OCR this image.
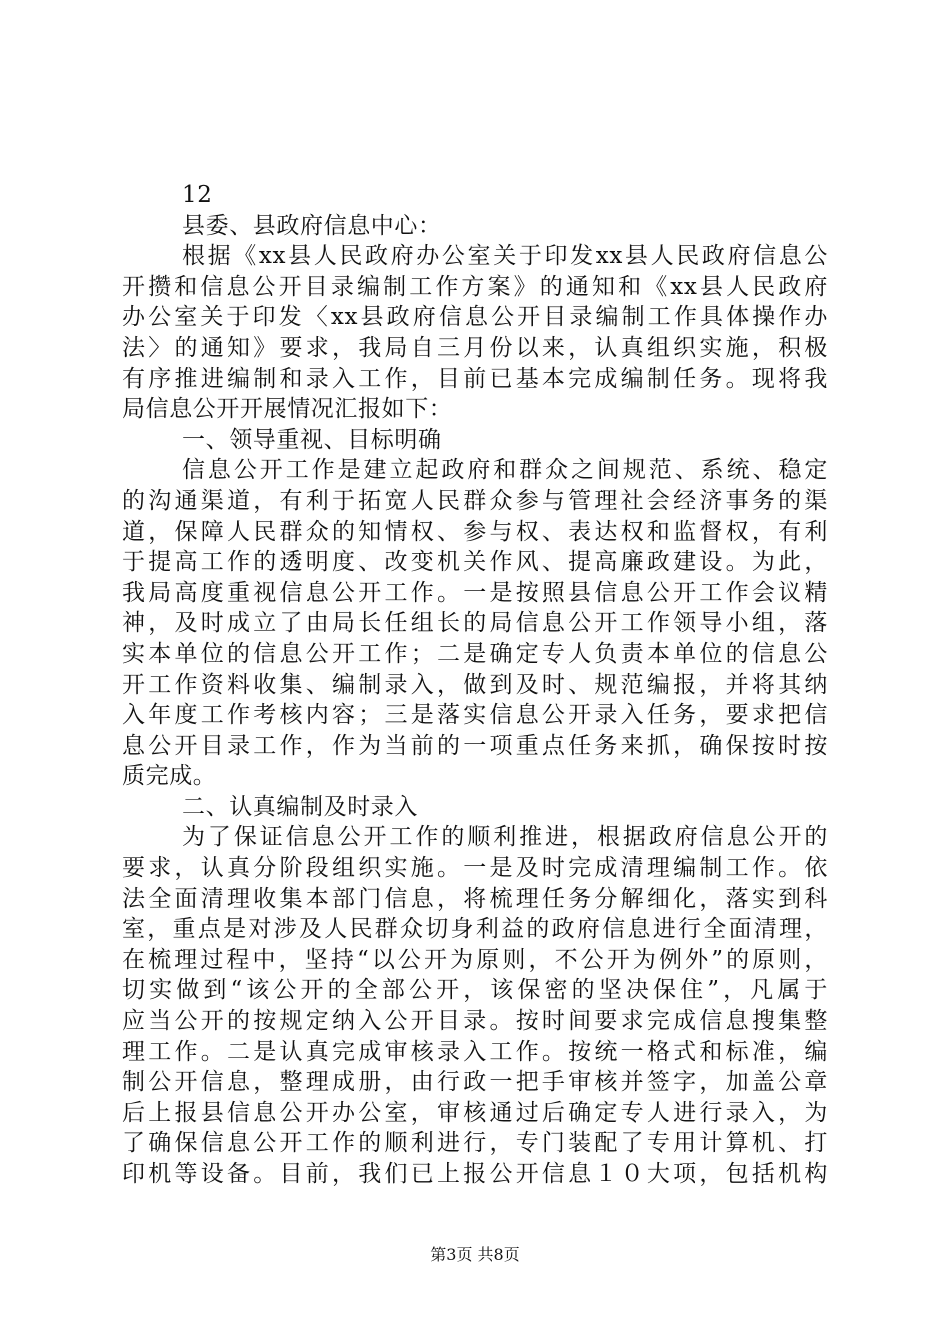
12
县委、县政府信息中心：
根据《xx县人民政府办公室关于印发xx县人民政府信息公
开攒和信息公开目录编制工作方案》的通知和《xx县人民政府
办公室关于印发〈xx县政府信息公开目录编制工作具体操作办
法〉的通知》要求，我局自三月份以来，认真组织实施，积极
有序推进编制和录入工作，目前已基本完成编制任务。现将我
局信息公开开展情况汇报如下：
一、领导重视、目标明确
信息公开工作是建立起政府和群众之间规范、系统、稳定
的沟通渠道，有利于拓宽人民群众参与管理社会经济事务的渠
道，保障人民群众的知情权、参与权、表达权和监督权，有利
于提高工作的透明度、改变机关作风、提高廉政建设。为此，
我局高度重视信息公开工作。一是按照县信息公开工作会议精
神，及时成立了由局长任组长的局信息公开工作领导小组，落
实本单位的信息公开工作；二是确定专人负责本单位的信息公
开工作资料收集、编制录入，做到及时、规范编报，并将其纳
入年度工作考核内容；三是落实信息公开录入任务，要求把信
息公开目录工作，作为当前的一项重点任务来抓，确保按时按
质完成。
二、认真编制及时录入
为了保证信息公开工作的顺利推进，根据政府信息公开的
要求，认真分阶段组织实施。一是及时完成清理编制工作。依
法全面清理收集本部门信息，将梳理任务分解细化，落实到科
室，重点是对涉及人民群众切身利益的政府信息进行全面清理，
在梳理过程中，坚持“以公开为原则，不公开为例外”的原则，
切实做到“该公开的全部公开，该保密的坚决保住”，凡属于
应当公开的按规定纳入公开目录。按时间要求完成信息搜集整
理工作。二是认真完成审核录入工作。按统一格式和标准，编
制公开信息，整理成册，由行政一把手审核并签字，加盖公章
后上报县信息公开办公室，审核通过后确定专人进行录入，为
了确保信息公开工作的顺利进行，专门装配了专用计算机、打
印机等设备。目前，我们已上报公开信息１０大项，包括机构
第3页 共8页
